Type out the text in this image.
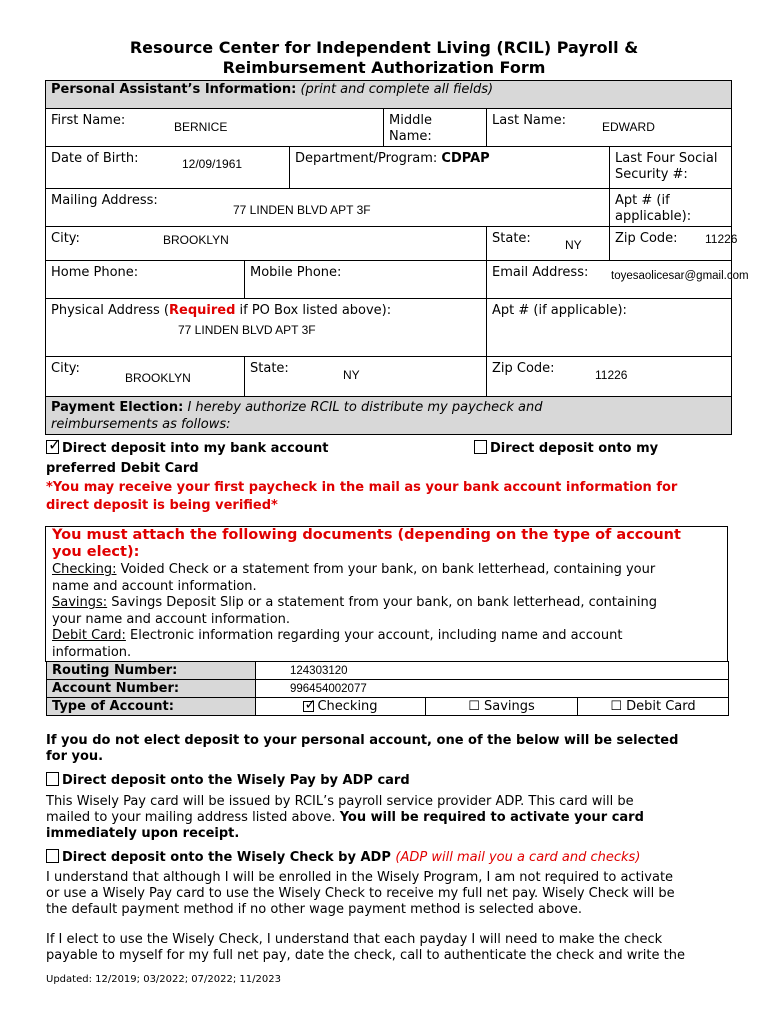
Resource Center for Independent Living (RCIL) Payroll &
Reimbursement Authorization Form
Personal Assistant’s Information: (print and complete all fields)					

First Name: BERNICE			Middle
Name:	Last Name: EDWARD	

Date of Birth: 12/09/1961		Department/Program: CDPAP			Last Four Social
Security #:

Mailing Address:
77 LINDEN BLVD APT 3F					Apt # (if applicable):

City: BROOKLYN				State: NY	Zip Code: 11226

Home Phone:	Mobile Phone:			Email Address: toyesaolicesar@gmail.com	

Physical Address (Required if PO Box listed above):
77 LINDEN BLVD APT 3F				Apt # (if applicable):	

City:
BROOKLYN	State: NY			Zip Code: 11226	

Payment Election: I hereby authorize RCIL to distribute my paycheck and
reimbursements as follows:					
✓ Direct deposit into my bank account	Direct deposit onto my
preferred Debit Card
*You may receive your first paycheck in the mail as your bank account information for
direct deposit is being verified*
You must attach the following documents (depending on the type of account
you elect):
Checking: Voided Check or a statement from your bank, on bank letterhead, containing your
name and account information.
Savings: Savings Deposit Slip or a statement from your bank, on bank letterhead, containing
your name and account information.
Debit Card: Electronic information regarding your account, including name and account
information.
Routing Number:	124303120		
Account Number:	996454002077		
Type of Account:	✓ Checking	☐ Savings	☐ Debit Card
If you do not elect deposit to your personal account, one of the below will be selected
for you.
Direct deposit onto the Wisely Pay by ADP card
This Wisely Pay card will be issued by RCIL’s payroll service provider ADP. This card will be
mailed to your mailing address listed above. You will be required to activate your card
immediately upon receipt.
Direct deposit onto the Wisely Check by ADP (ADP will mail you a card and checks)
I understand that although I will be enrolled in the Wisely Program, I am not required to activate
or use a Wisely Pay card to use the Wisely Check to receive my full net pay. Wisely Check will be
the default payment method if no other wage payment method is selected above.
If I elect to use the Wisely Check, I understand that each payday I will need to make the check
payable to myself for my full net pay, date the check, call to authenticate the check and write the
Updated: 12/2019; 03/2022; 07/2022; 11/2023
